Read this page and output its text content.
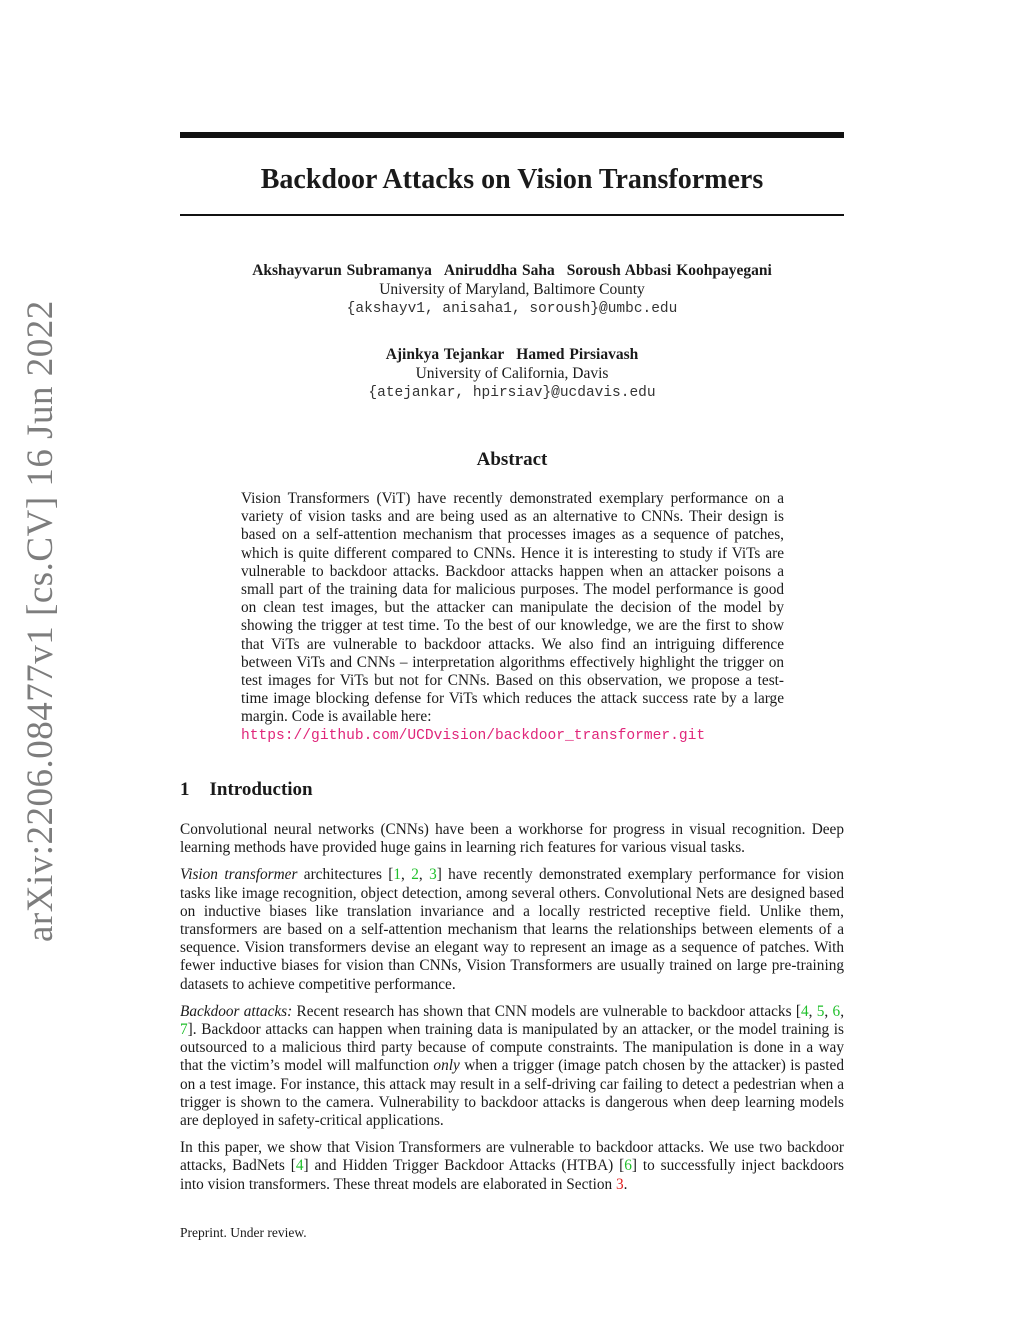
arXiv:2206.08477v1 [cs.CV] 16 Jun 2022
Backdoor Attacks on Vision Transformers
Akshayvarun Subramanya Aniruddha Saha Soroush Abbasi Koohpayegani
University of Maryland, Baltimore County
{akshayv1, anisaha1, soroush}@umbc.edu
Ajinkya Tejankar Hamed Pirsiavash
University of California, Davis
{atejankar, hpirsiav}@ucdavis.edu
Abstract
Vision Transformers (ViT) have recently demonstrated exemplary performance on a variety of vision tasks and are being used as an alternative to CNNs. Their design is based on a self-attention mechanism that processes images as a sequence of patches, which is quite different compared to CNNs. Hence it is interesting to study if ViTs are vulnerable to backdoor attacks. Backdoor attacks happen when an attacker poisons a small part of the training data for malicious purposes. The model performance is good on clean test images, but the attacker can manipulate the decision of the model by showing the trigger at test time. To the best of our knowledge, we are the first to show that ViTs are vulnerable to backdoor attacks. We also find an intriguing difference between ViTs and CNNs – interpretation algorithms effectively highlight the trigger on test images for ViTs but not for CNNs. Based on this observation, we propose a test-time image blocking defense for ViTs which reduces the attack success rate by a large margin. Code is available here:
https://github.com/UCDvision/backdoor_transformer.git
1 Introduction

Convolutional neural networks (CNNs) have been a workhorse for progress in visual recognition. Deep learning methods have provided huge gains in learning rich features for various visual tasks.

Vision transformer architectures [1, 2, 3] have recently demonstrated exemplary performance for vision tasks like image recognition, object detection, among several others. Convolutional Nets are designed based on inductive biases like translation invariance and a locally restricted receptive field. Unlike them, transformers are based on a self-attention mechanism that learns the relationships between elements of a sequence. Vision transformers devise an elegant way to represent an image as a sequence of patches. With fewer inductive biases for vision than CNNs, Vision Transformers are usually trained on large pre-training datasets to achieve competitive performance.

Backdoor attacks: Recent research has shown that CNN models are vulnerable to backdoor attacks [4, 5, 6, 7]. Backdoor attacks can happen when training data is manipulated by an attacker, or the model training is outsourced to a malicious third party because of compute constraints. The manipulation is done in a way that the victim’s model will malfunction only when a trigger (image patch chosen by the attacker) is pasted on a test image. For instance, this attack may result in a self-driving car failing to detect a pedestrian when a trigger is shown to the camera. Vulnerability to backdoor attacks is dangerous when deep learning models are deployed in safety-critical applications.

In this paper, we show that Vision Transformers are vulnerable to backdoor attacks. We use two backdoor attacks, BadNets [4] and Hidden Trigger Backdoor Attacks (HTBA) [6] to successfully inject backdoors into vision transformers. These threat models are elaborated in Section 3.

Preprint. Under review.
